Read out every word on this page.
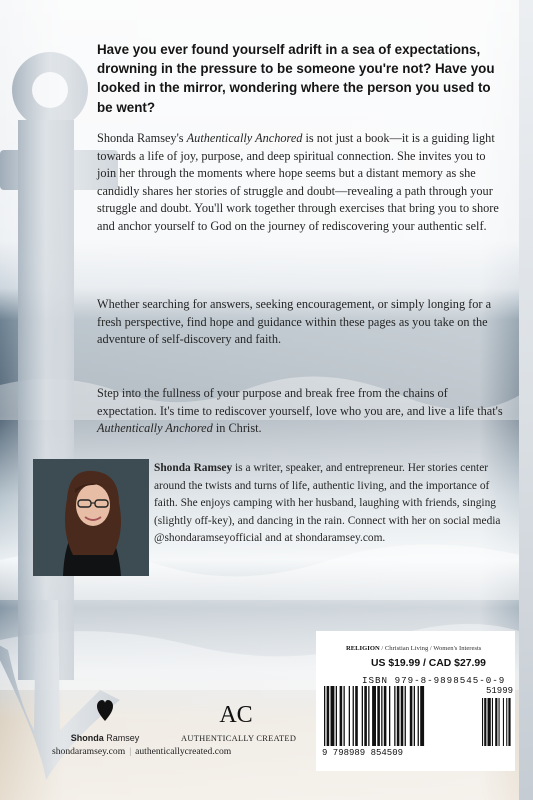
Have you ever found yourself adrift in a sea of expectations, drowning in the pressure to be someone you're not? Have you looked in the mirror, wondering where the person you used to be went?

Shonda Ramsey's Authentically Anchored is not just a book—it is a guiding light towards a life of joy, purpose, and deep spiritual connection. She invites you to join her through the moments where hope seems but a distant memory as she candidly shares her stories of struggle and doubt—revealing a path through your struggle and doubt. You'll work together through exercises that bring you to shore and anchor yourself to God on the journey of rediscovering your authentic self.

Whether searching for answers, seeking encouragement, or simply longing for a fresh perspective, find hope and guidance within these pages as you take on the adventure of self-discovery and faith.

Step into the fullness of your purpose and break free from the chains of expectation. It's time to rediscover yourself, love who you are, and live a life that's Authentically Anchored in Christ.

Shonda Ramsey is a writer, speaker, and entrepreneur. Her stories center around the twists and turns of life, authentic living, and the importance of faith. She enjoys camping with her husband, laughing with friends, singing (slightly off-key), and dancing in the rain. Connect with her on social media @shondaramseyofficial and at shondaramsey.com.

RELIGION / Christian Living / Women's Interests
US $19.99 / CAD $27.99
ISBN 979-8-9898545-0-9
51999
9 798989 854509
Shonda Ramsey
AC
AUTHENTICALLY CREATED
shondaramsey.com | authenticallycreated.com
